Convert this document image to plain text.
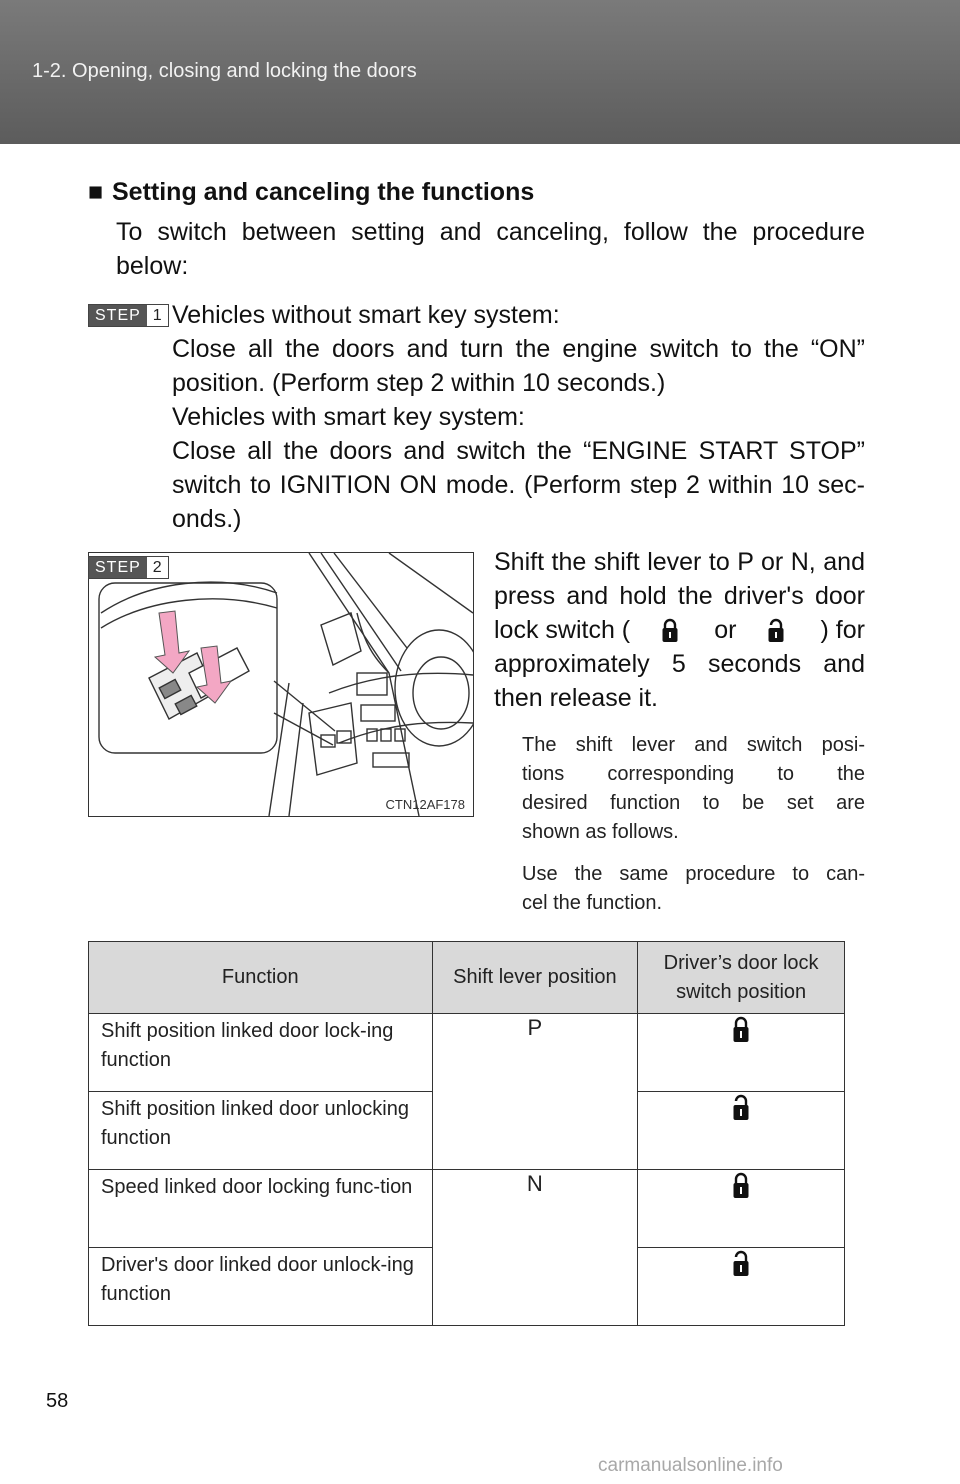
1-2. Opening, closing and locking the doors
■ Setting and canceling the functions
To switch between setting and canceling, follow the procedure below:
STEP 1 Vehicles without smart key system:

Close all the doors and turn the engine switch to the “ON”

position. (Perform step 2 within 10 seconds.)

Vehicles with smart key system:

Close all the doors and switch the “ENGINE START STOP”

switch to IGNITION ON mode. (Perform step 2 within 10 sec-

onds.)

CTN12AF178
STEP 2	Shift the shift lever to P or N, and

press and hold the driver's door

lock switch (	or	) for

approximately 5 seconds and

then release it.

The shift lever and switch posi-

tions corresponding to the

desired function to be set are

shown as follows.

Use the same procedure to can-

cel the function.

Function	Shift lever position	Driver’s door lock switch position
Shift position linked door lock-ing function	P	
Shift position linked door unlocking function	
Speed linked door locking func-tion	N	
Driver's door linked door unlock-ing function	
58
carmanualsonline.info
